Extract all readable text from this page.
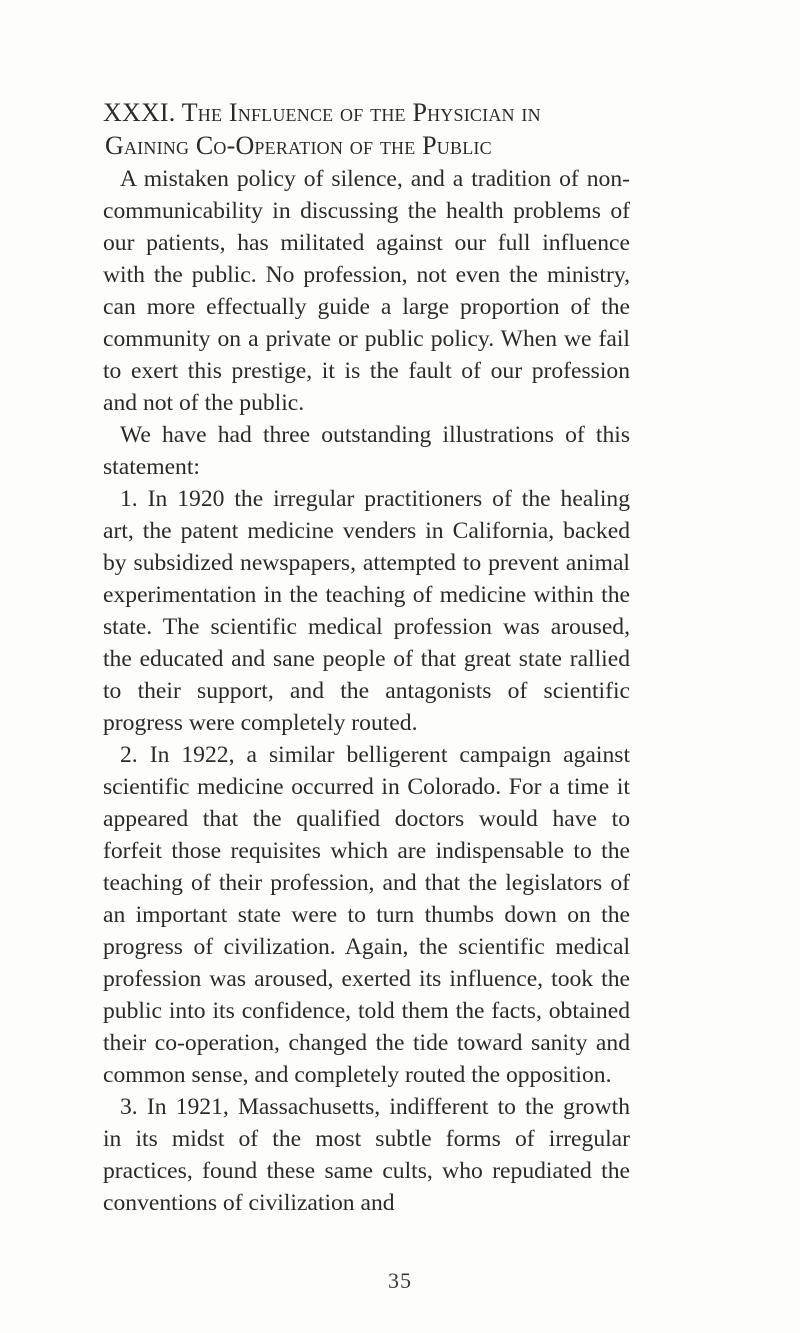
XXXI. The Influence of the Physician in
Gaining Co-Operation of the Public

A mistaken policy of silence, and a tradition of non-communicability in discussing the health problems of our patients, has militated against our full influence with the public. No profession, not even the ministry, can more effectually guide a large proportion of the community on a private or public policy. When we fail to exert this prestige, it is the fault of our profession and not of the public.

We have had three outstanding illustrations of this statement:

1. In 1920 the irregular practitioners of the healing art, the patent medicine venders in California, backed by subsidized newspapers, attempted to prevent animal experimentation in the teaching of medicine within the state. The scientific medical profession was aroused, the educated and sane people of that great state rallied to their support, and the antagonists of scientific progress were completely routed.

2. In 1922, a similar belligerent campaign against scientific medicine occurred in Colorado. For a time it appeared that the qualified doctors would have to forfeit those requisites which are indispensable to the teaching of their profession, and that the legislators of an important state were to turn thumbs down on the progress of civilization. Again, the scientific medical profession was aroused, exerted its influence, took the public into its confidence, told them the facts, obtained their co-operation, changed the tide toward sanity and common sense, and completely routed the opposition.

3. In 1921, Massachusetts, indifferent to the growth in its midst of the most subtle forms of irregular practices, found these same cults, who repudiated the conventions of civilization and

35
